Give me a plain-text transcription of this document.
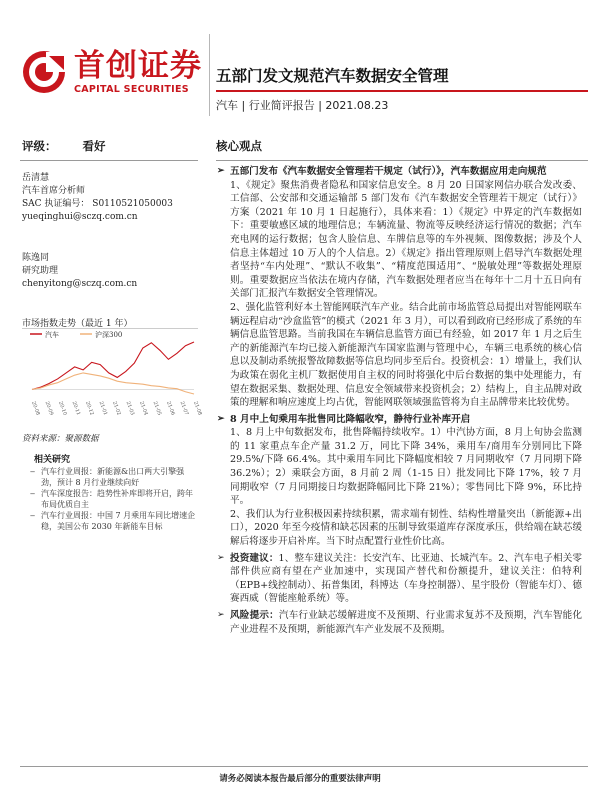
首创证券
CAPITAL SECURITIES
五部门发文规范汽车数据安全管理
汽车 | 行业简评报告 | 2021.08.23
评级： 看好
岳清慧
汽车首席分析师
SAC 执证编号： S0110521050003
yueqinghui@sczq.com.cn
陈逸同
研究助理
chenyitong@sczq.com.cn
市场指数走势（最近 1 年）
汽车	沪深300
20-08 20-09 20-10 20-11 20-12 21-01 21-02 21-03 21-04 21-05 21-06 21-07 21-08
资料来源：聚源数据
相关研究
‒ 汽车行业周报：新能源&出口两大引擎强劲，预计 8 月行业继续向好
‒ 汽车深度报告：趋势性补库即将开启，跨年布局优质自主
‒ 汽车行业周报：中国 7 月乘用车同比增速企稳，美国公布 2030 年新能车目标
核心观点

➢ 五部门发布《汽车数据安全管理若干规定（试行）》，汽车数据应用走向规范

1、《规定》聚焦消费者隐私和国家信息安全。8 月 20 日国家网信办联合发改委、工信部、公安部和交通运输部 5 部门发布《汽车数据安全管理若干规定（试行）》方案（2021 年 10 月 1 日起施行），具体来看：1）《规定》中界定的汽车数据如下：重要敏感区域的地理信息；车辆流量、物流等反映经济运行情况的数据；汽车充电网的运行数据；包含人脸信息、车牌信息等的车外视频、图像数据；涉及个人信息主体超过 10 万人的个人信息。2）《规定》指出管理原则上倡导汽车数据处理者坚持“车内处理”、“默认不收集”、“精度范围适用”、“脱敏处理”等数据处理原则。重要数据应当依法在境内存储，汽车数据处理者应当在每年十二月十五日向有关部门汇报汽车数据安全管理情况。

2、强化监管利好本土智能网联汽车产业。结合此前市场监管总局提出对智能网联车辆远程启动“沙盒监管”的模式（2021 年 3 月），可以看到政府已经形成了系统的车辆信息监管思路。当前我国在车辆信息监管方面已有经验，如 2017 年 1 月之后生产的新能源汽车均已接入新能源汽车国家监测与管理中心，车辆三电系统的核心信息以及制动系统报警故障数据等信息均同步至后台。投资机会：1）增量上，我们认为政策在弱化主机厂数据使用自主权的同时将强化中后台数据的集中处理能力，有望在数据采集、数据处理、信息安全领域带来投资机会；2）结构上，自主品牌对政策的理解和响应速度上均占优，智能网联领域强监管将为自主品牌带来比较优势。

➢ 8 月中上旬乘用车批售同比降幅收窄，静待行业补库开启

1、8 月上中旬数据发布，批售降幅持续收窄。1）中汽协方面，8 月上旬协会监测的 11 家重点车企产量 31.2 万，同比下降 34%，乘用车/商用车分别同比下降 29.5%/下降 66.4%。其中乘用车同比下降幅度相较 7 月同期收窄（7 月同期下降 36.2%）；2）乘联会方面，8 月前 2 周（1-15 日）批发同比下降 17%，较 7 月同期收窄（7 月同期接日均数据降幅同比下降 21%）；零售同比下降 9%，环比持平。

2、我们认为行业积极因素持续积累，需求端有韧性、结构性增量突出（新能源+出口），2020 年至今疫情和缺芯因素的压制导致渠道库存深度承压，供给端在缺芯缓解后将逐步开启补库。当下时点配置行业性价比高。

➢ 投资建议：1、整车建议关注：长安汽车、比亚迪、长城汽车。2、汽车电子相关零部件供应商有望在产业加速中，实现国产替代和份额提升，建议关注：伯特利（EPB+线控制动）、拓普集团，科博达（车身控制器）、星宇股份（智能车灯）、德赛西威（智能座舱系统）等。

➢ 风险提示：汽车行业缺芯缓解进度不及预期、行业需求复苏不及预期，汽车智能化产业进程不及预期，新能源汽车产业发展不及预期。

请务必阅读本报告最后部分的重要法律声明
